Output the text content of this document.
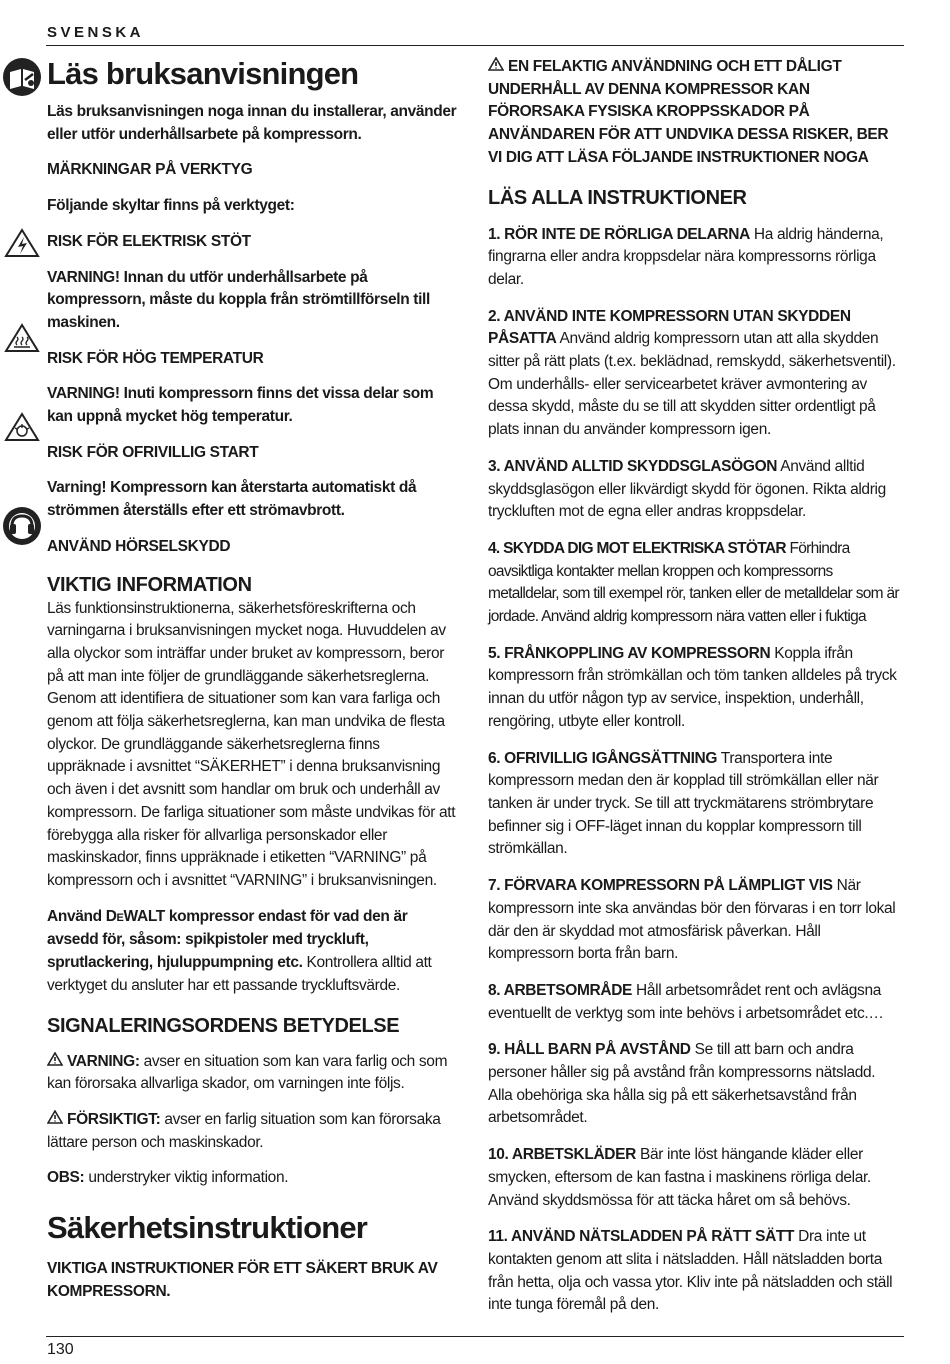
SVENSKA
Läs bruksanvisningen

Läs bruksanvisningen noga innan du installerar, använder eller utför underhållsarbete på kompressorn.

MÄRKNINGAR PÅ VERKTYG

Följande skyltar finns på verktyget:

RISK FÖR ELEKTRISK STÖT

VARNING! Innan du utför underhållsarbete på kompressorn, måste du koppla från strömtillförseln till maskinen.

RISK FÖR HÖG TEMPERATUR

VARNING! Inuti kompressorn finns det vissa delar som kan uppnå mycket hög temperatur.

RISK FÖR OFRIVILLIG START

Varning! Kompressorn kan återstarta automatiskt då strömmen återställs efter ett strömavbrott.

ANVÄND HÖRSELSKYDD

VIKTIG INFORMATION

Läs funktionsinstruktionerna, säkerhetsföreskrifterna och varningarna i bruksanvisningen mycket noga. Huvuddelen av alla olyckor som inträffar under bruket av kompressorn, beror på att man inte följer de grundläggande säkerhetsreglerna. Genom att identifiera de situationer som kan vara farliga och genom att följa säkerhetsreglerna, kan man undvika de flesta olyckor. De grundläggande säkerhetsreglerna finns uppräknade i avsnittet “SÄKERHET” i denna bruksanvisning och även i det avsnitt som handlar om bruk och underhåll av kompressorn. De farliga situationer som måste undvikas för att förebygga alla risker för allvarliga personskador eller maskinskador, finns uppräknade i etiketten “VARNING” på kompressorn och i avsnittet “VARNING” i bruksanvisningen.

Använd DEWALT kompressor endast för vad den är avsedd för, såsom: spikpistoler med tryckluft, sprutlackering, hjuluppumpning etc. Kontrollera alltid att verktyget du ansluter har ett passande tryckluftsvärde.

SIGNALERINGSORDENS BETYDELSE

VARNING: avser en situation som kan vara farlig och som kan förorsaka allvarliga skador, om varningen inte följs.

FÖRSIKTIGT: avser en farlig situation som kan förorsaka lättare person och maskinskador.

OBS: understryker viktig information.

Säkerhetsinstruktioner

VIKTIGA INSTRUKTIONER FÖR ETT SÄKERT BRUK AV KOMPRESSORN.

EN FELAKTIG ANVÄNDNING OCH ETT DÅLIGT UNDERHÅLL AV DENNA KOMPRESSOR KAN FÖRORSAKA FYSISKA KROPPSSKADOR PÅ ANVÄNDAREN FÖR ATT UNDVIKA DESSA RISKER, BER VI DIG ATT LÄSA FÖLJANDE INSTRUKTIONER NOGA

LÄS ALLA INSTRUKTIONER

1. RÖR INTE DE RÖRLIGA DELARNA Ha aldrig händerna, fingrarna eller andra kroppsdelar nära kompressorns rörliga delar.

2. ANVÄND INTE KOMPRESSORN UTAN SKYDDEN PÅSATTA Använd aldrig kompressorn utan att alla skydden sitter på rätt plats (t.ex. beklädnad, remskydd, säkerhetsventil). Om underhålls- eller servicearbetet kräver avmontering av dessa skydd, måste du se till att skydden sitter ordentligt på plats innan du använder kompressorn igen.

3. ANVÄND ALLTID SKYDDSGLASÖGON Använd alltid skyddsglasögon eller likvärdigt skydd för ögonen. Rikta aldrig tryckluften mot de egna eller andras kroppsdelar.

4. SKYDDA DIG MOT ELEKTRISKA STÖTAR Förhindra oavsiktliga kontakter mellan kroppen och kompressorns metalldelar, som till exempel rör, tanken eller de metalldelar som är jordade. Använd aldrig kompressorn nära vatten eller i fuktiga

5. FRÅNKOPPLING AV KOMPRESSORN Koppla ifrån kompressorn från strömkällan och töm tanken alldeles på tryck innan du utför någon typ av service, inspektion, underhåll, rengöring, utbyte eller kontroll.

6. OFRIVILLIG IGÅNGSÄTTNING Transportera inte kompressorn medan den är kopplad till strömkällan eller när tanken är under tryck. Se till att tryckmätarens strömbrytare befinner sig i OFF-läget innan du kopplar kompressorn till strömkällan.

7. FÖRVARA KOMPRESSORN PÅ LÄMPLIGT VIS När kompressorn inte ska användas bör den förvaras i en torr lokal där den är skyddad mot atmosfärisk påverkan. Håll kompressorn borta från barn.

8. ARBETSOMRÅDE Håll arbetsområdet rent och avlägsna eventuellt de verktyg som inte behövs i arbetsområdet etc.…

9. HÅLL BARN PÅ AVSTÅND Se till att barn och andra personer håller sig på avstånd från kompressorns nätsladd. Alla obehöriga ska hålla sig på ett säkerhetsavstånd från arbetsområdet.

10. ARBETSKLÄDER Bär inte löst hängande kläder eller smycken, eftersom de kan fastna i maskinens rörliga delar. Använd skyddsmössa för att täcka håret om så behövs.

11. ANVÄND NÄTSLADDEN PÅ RÄTT SÄTT Dra inte ut kontakten genom att slita i nätsladden. Håll nätsladden borta från hetta, olja och vassa ytor. Kliv inte på nätsladden och ställ inte tunga föremål på den.

130
